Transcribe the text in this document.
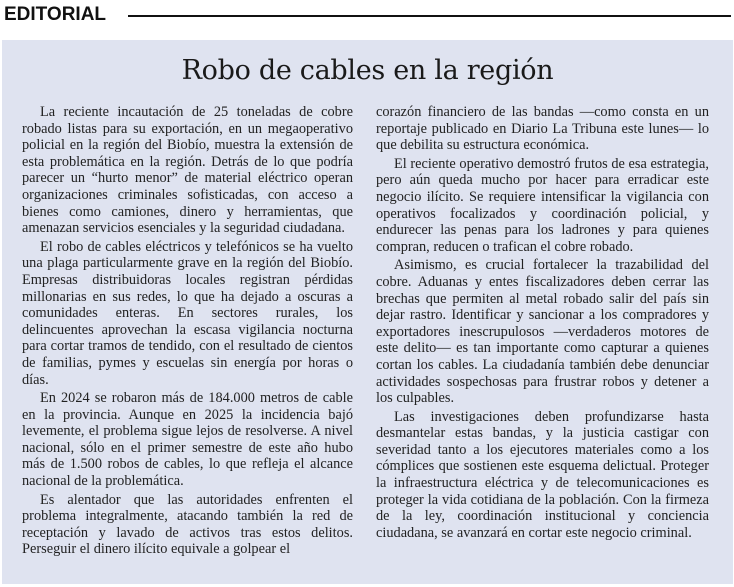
EDITORIAL
Robo de cables en la región

La reciente incautación de 25 toneladas de cobre robado listas para su exportación, en un megaoperativo policial en la región del Biobío, muestra la extensión de esta problemática en la región. Detrás de lo que podría parecer un “hurto menor” de material eléctrico operan organizaciones criminales sofisticadas, con acceso a bienes como camiones, dinero y herramientas, que amenazan servicios esenciales y la seguridad ciudadana.

El robo de cables eléctricos y telefónicos se ha vuelto una plaga particularmente grave en la región del Biobío. Empresas distribuidoras locales registran pérdidas millonarias en sus redes, lo que ha dejado a oscuras a comunidades enteras. En sectores rurales, los delincuentes aprovechan la escasa vigilancia nocturna para cortar tramos de tendido, con el resultado de cientos de familias, pymes y escuelas sin energía por horas o días.

En 2024 se robaron más de 184.000 metros de cable en la provincia. Aunque en 2025 la incidencia bajó levemente, el problema sigue lejos de resolverse. A nivel nacional, sólo en el primer semestre de este año hubo más de 1.500 robos de cables, lo que refleja el alcance nacional de la problemática.

Es alentador que las autoridades enfrenten el problema integralmente, atacando también la red de receptación y lavado de activos tras estos delitos. Perseguir el dinero ilícito equivale a golpear el

corazón financiero de las bandas —como consta en un reportaje publicado en Diario La Tribuna este lunes— lo que debilita su estructura económica.

El reciente operativo demostró frutos de esa estrategia, pero aún queda mucho por hacer para erradicar este negocio ilícito. Se requiere intensificar la vigilancia con operativos focalizados y coordinación policial, y endurecer las penas para los ladrones y para quienes compran, reducen o trafican el cobre robado.

Asimismo, es crucial fortalecer la trazabilidad del cobre. Aduanas y entes fiscalizadores deben cerrar las brechas que permiten al metal robado salir del país sin dejar rastro. Identificar y sancionar a los compradores y exportadores inescrupulosos —verdaderos motores de este delito— es tan importante como capturar a quienes cortan los cables. La ciudadanía también debe denunciar actividades sospechosas para frustrar robos y detener a los culpables.

Las investigaciones deben profundizarse hasta desmantelar estas bandas, y la justicia castigar con severidad tanto a los ejecutores materiales como a los cómplices que sostienen este esquema delictual. Proteger la infraestructura eléctrica y de telecomunicaciones es proteger la vida cotidiana de la población. Con la firmeza de la ley, coordinación institucional y conciencia ciudadana, se avanzará en cortar este negocio criminal.
